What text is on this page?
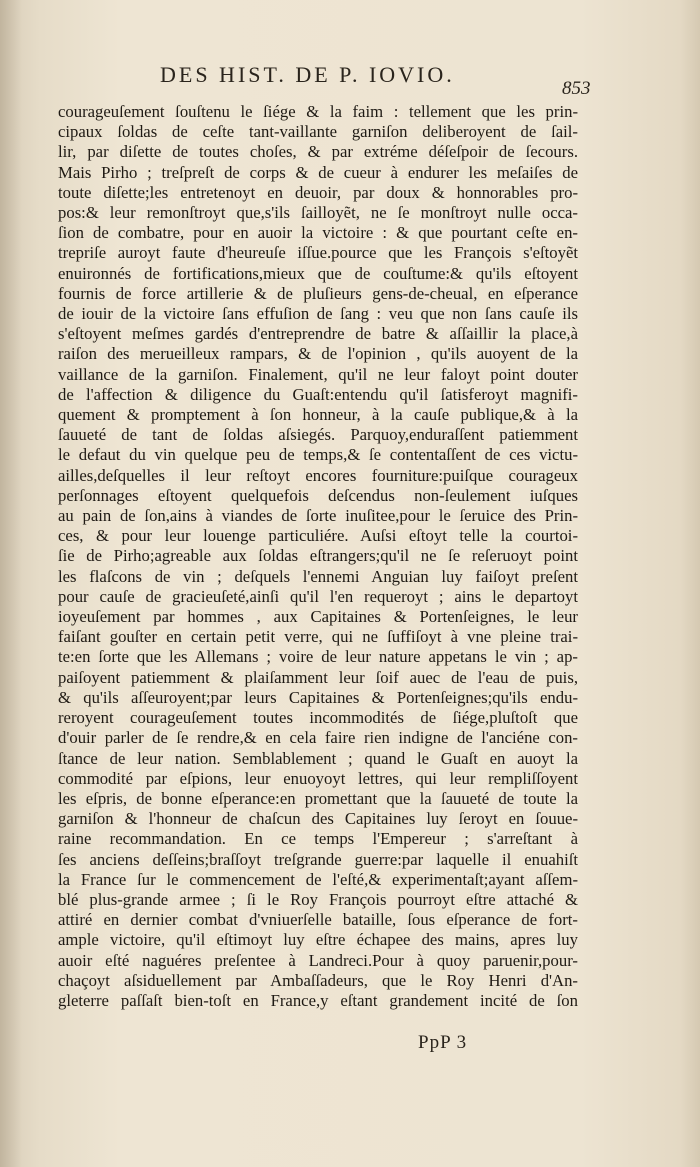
DES HIST. DE P. IOVIO.
853
courageuſement ſouſtenu le ſiége & la faim : tellement que les prin-
cipaux ſoldas de ceſte tant-vaillante garniſon deliberoyent de ſail-
lir, par diſette de toutes choſes, & par extréme déſeſpoir de ſecours.
Mais Pirho ; treſpreſt de corps & de cueur à endurer les meſaiſes de
toute diſette;les entretenoyt en deuoir, par doux & honnorables pro-
pos:& leur remonſtroyt que,s'ils ſailloyẽt, ne ſe monſtroyt nulle occa-
ſion de combatre, pour en auoir la victoire : & que pourtant ceſte en-
trepriſe auroyt faute d'heureuſe iſſue.pource que les François s'eſtoyẽt
enuironnés de fortifications,mieux que de couſtume:& qu'ils eſtoyent
fournis de force artillerie & de pluſieurs gens-de-cheual, en eſperance
de iouir de la victoire ſans effuſion de ſang : veu que non ſans cauſe ils
s'eſtoyent meſmes gardés d'entreprendre de batre & aſſaillir la place,à
raiſon des merueilleux rampars, & de l'opinion , qu'ils auoyent de la
vaillance de la garniſon. Finalement, qu'il ne leur faloyt point douter
de l'affection & diligence du Guaſt:entendu qu'il ſatisferoyt magnifi-
quement & promptement à ſon honneur, à la cauſe publique,& à la
ſauueté de tant de ſoldas aſsiegés. Parquoy,enduraſſent patiemment
le defaut du vin quelque peu de temps,& ſe contentaſſent de ces victu-
ailles,deſquelles il leur reſtoyt encores fourniture:puiſque courageux
perſonnages eſtoyent quelquefois deſcendus non-ſeulement iuſques
au pain de ſon,ains à viandes de ſorte inuſitee,pour le ſeruice des Prin-
ces, & pour leur louenge particuliére. Auſsi eſtoyt telle la courtoi-
ſie de Pirho;agreable aux ſoldas eſtrangers;qu'il ne ſe reſeruoyt point
les flaſcons de vin ; deſquels l'ennemi Anguian luy faiſoyt preſent
pour cauſe de gracieuſeté,ainſi qu'il l'en requeroyt ; ains le departoyt
ioyeuſement par hommes , aux Capitaines & Portenſeignes, le leur
faiſant gouſter en certain petit verre, qui ne ſuffiſoyt à vne pleine trai-
te:en ſorte que les Allemans ; voire de leur nature appetans le vin ; ap-
paiſoyent patiemment & plaiſamment leur ſoif auec de l'eau de puis,
& qu'ils aſſeuroyent;par leurs Capitaines & Portenſeignes;qu'ils endu-
reroyent courageuſement toutes incommodités de ſiége,pluſtoſt que
d'ouir parler de ſe rendre,& en cela faire rien indigne de l'anciéne con-
ſtance de leur nation. Semblablement ; quand le Guaſt en auoyt la
commodité par eſpions, leur enuoyoyt lettres, qui leur rempliſſoyent
les eſpris, de bonne eſperance:en promettant que la ſauueté de toute la
garniſon & l'honneur de chaſcun des Capitaines luy ſeroyt en ſouue-
raine recommandation. En ce temps l'Empereur ; s'arreſtant à
ſes anciens deſſeins;braſſoyt treſgrande guerre:par laquelle il enuahiſt
la France ſur le commencement de l'eſté,& experimentaſt;ayant aſſem-
blé plus-grande armee ; ſi le Roy François pourroyt eſtre attaché &
attiré en dernier combat d'vniuerſelle bataille, ſous eſperance de fort-
ample victoire, qu'il eſtimoyt luy eſtre échapee des mains, apres luy
auoir eſté naguéres preſentee à Landreci.Pour à quoy paruenir,pour-
chaçoyt aſsiduellement par Ambaſſadeurs, que le Roy Henri d'An-
gleterre paſſaſt bien-toſt en France,y eſtant grandement incité de ſon
PpP 3
